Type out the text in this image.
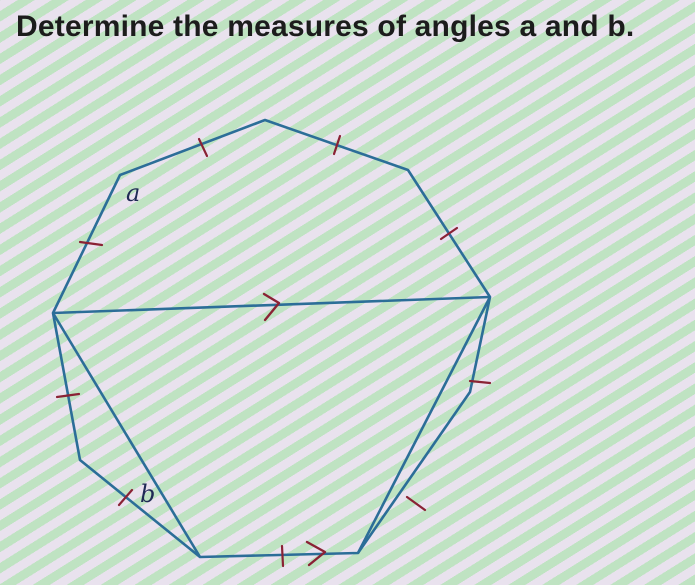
Determine the measures of angles a and b.
a
b
